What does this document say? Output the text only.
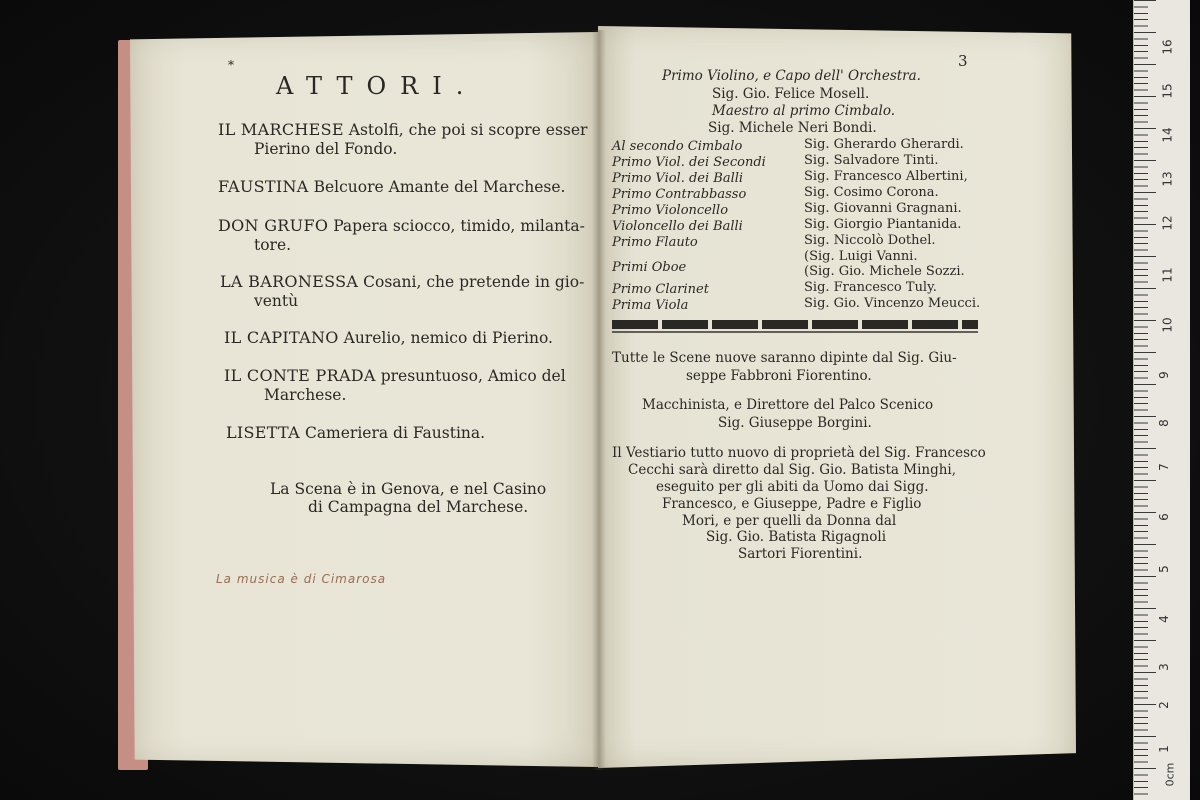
*
ATTORI.
IL MARCHESE Astolfi, che poi si scopre esser
Pierino del Fondo.
FAUSTINA Belcuore Amante del Marchese.
DON GRUFO Papera sciocco, timido, milanta-
tore.
LA BARONESSA Cosani, che pretende in gio-
ventù
IL CAPITANO Aurelio, nemico di Pierino.
IL CONTE PRADA presuntuoso, Amico del
Marchese.
LISETTA Cameriera di Faustina.
La Scena è in Genova, e nel Casino
di Campagna del Marchese.
La musica è di Cimarosa
3
Primo Violino, e Capo dell' Orchestra.
Sig. Gio. Felice Mosell.
Maestro al primo Cimbalo.
Sig. Michele Neri Bondi.
Al secondo Cimbalo	Sig. Gherardo Gherardi.
Primo Viol. dei Secondi	Sig. Salvadore Tinti.
Primo Viol. dei Balli	Sig. Francesco Albertini,
Primo Contrabbasso	Sig. Cosimo Corona.
Primo Violoncello	Sig. Giovanni Gragnani.
Violoncello dei Balli	Sig. Giorgio Piantanida.
Primo Flauto	Sig. Niccolò Dothel.
(Sig. Luigi Vanni.
Primi Oboe	(Sig. Gio. Michele Sozzi.
Primo Clarinet	Sig. Francesco Tuly.
Prima Viola	Sig. Gio. Vincenzo Meucci.
Tutte le Scene nuove saranno dipinte dal Sig. Giu-
seppe Fabbroni Fiorentino.
Macchinista, e Direttore del Palco Scenico
Sig. Giuseppe Borgini.
Il Vestiario tutto nuovo di proprietà del Sig. Francesco
Cecchi sarà diretto dal Sig. Gio. Batista Minghi,
eseguito per gli abiti da Uomo dai Sigg.
Francesco, e Giuseppe, Padre e Figlio
Mori, e per quelli da Donna dal
Sig. Gio. Batista Rigagnoli
Sartori Fiorentini.
16
15
14
13
12
11
10
9
8
7
6
5
4
3
2
1
0cm
